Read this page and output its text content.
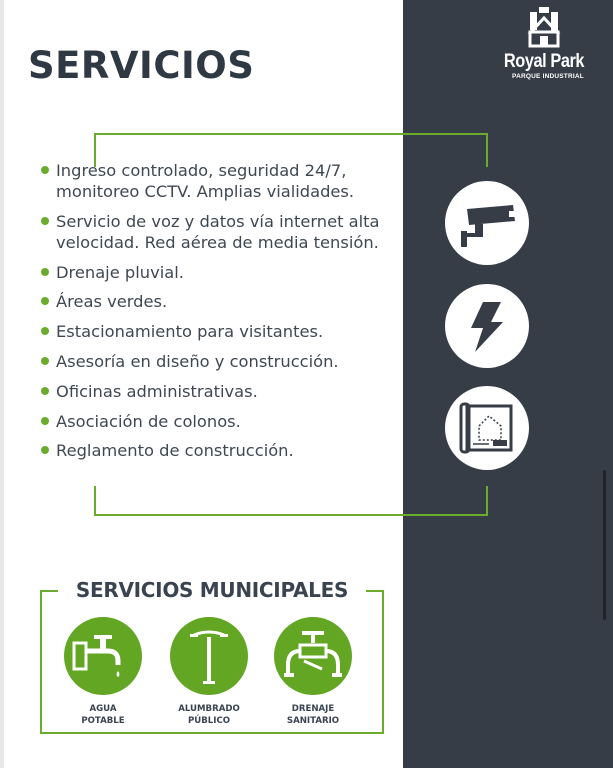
SERVICIOS	Royal Park
PARQUE INDUSTRIAL
Ingreso controlado, seguridad 24/7, monitoreo CCTV. Amplias vialidades.
Servicio de voz y datos vía internet alta velocidad. Red aérea de media tensión.
Drenaje pluvial.
Áreas verdes.
Estacionamiento para visitantes.
Asesoría en diseño y construcción.
Oficinas administrativas.
Asociación de colonos.
Reglamento de construcción.
SERVICIOS MUNICIPALES
AGUA
POTABLE
ALUMBRADO
PÚBLICO
DRENAJE
SANITARIO
